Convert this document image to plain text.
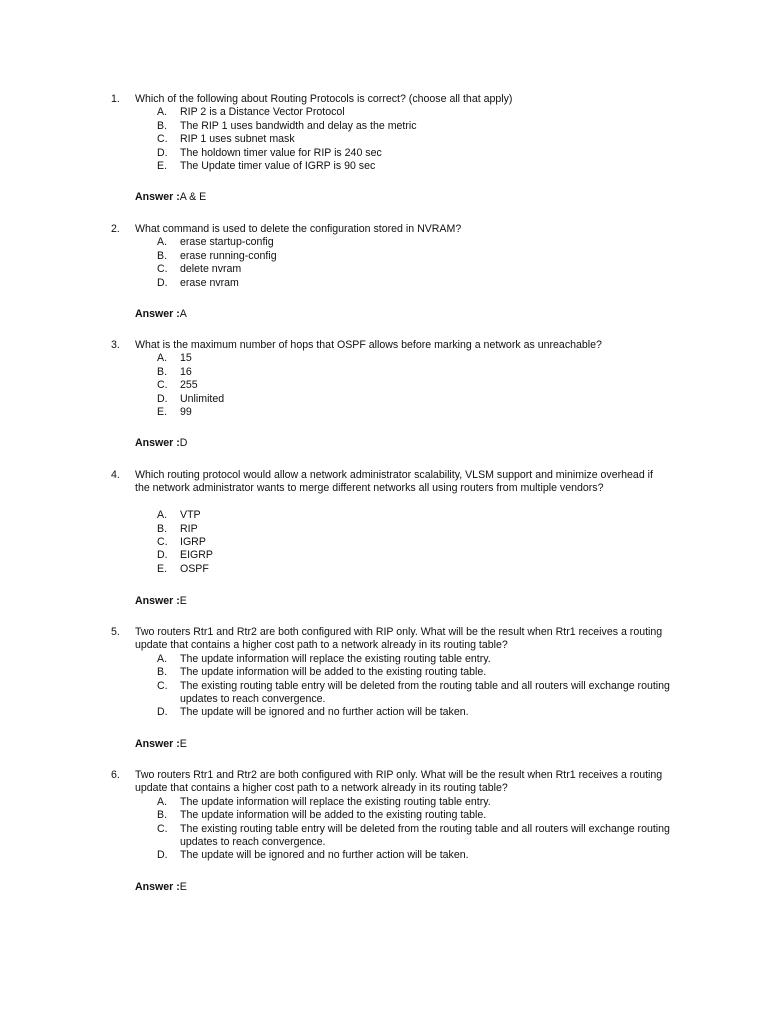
1. Which of the following about Routing Protocols is correct? (choose all that apply)
A. RIP 2 is a Distance Vector Protocol
B. The RIP 1 uses bandwidth and delay as the metric
C. RIP 1 uses subnet mask
D. The holdown timer value for RIP is 240 sec
E. The Update timer value of IGRP is 90 sec
Answer :A & E
2. What command is used to delete the configuration stored in NVRAM?
A. erase startup-config
B. erase running-config
C. delete nvram
D. erase nvram
Answer :A
3. What is the maximum number of hops that OSPF allows before marking a network as unreachable?
A. 15
B. 16
C. 255
D. Unlimited
E. 99
Answer :D
4. Which routing protocol would allow a network administrator scalability, VLSM support and minimize overhead if the network administrator wants to merge different networks all using routers from multiple vendors?
A. VTP
B. RIP
C. IGRP
D. EIGRP
E. OSPF
Answer :E
5. Two routers Rtr1 and Rtr2 are both configured with RIP only. What will be the result when Rtr1 receives a routing update that contains a higher cost path to a network already in its routing table?
A. The update information will replace the existing routing table entry.
B. The update information will be added to the existing routing table.
C. The existing routing table entry will be deleted from the routing table and all routers will exchange routing updates to reach convergence.
D. The update will be ignored and no further action will be taken.
Answer :E
6. Two routers Rtr1 and Rtr2 are both configured with RIP only. What will be the result when Rtr1 receives a routing update that contains a higher cost path to a network already in its routing table?
A. The update information will replace the existing routing table entry.
B. The update information will be added to the existing routing table.
C. The existing routing table entry will be deleted from the routing table and all routers will exchange routing updates to reach convergence.
D. The update will be ignored and no further action will be taken.
Answer :E
